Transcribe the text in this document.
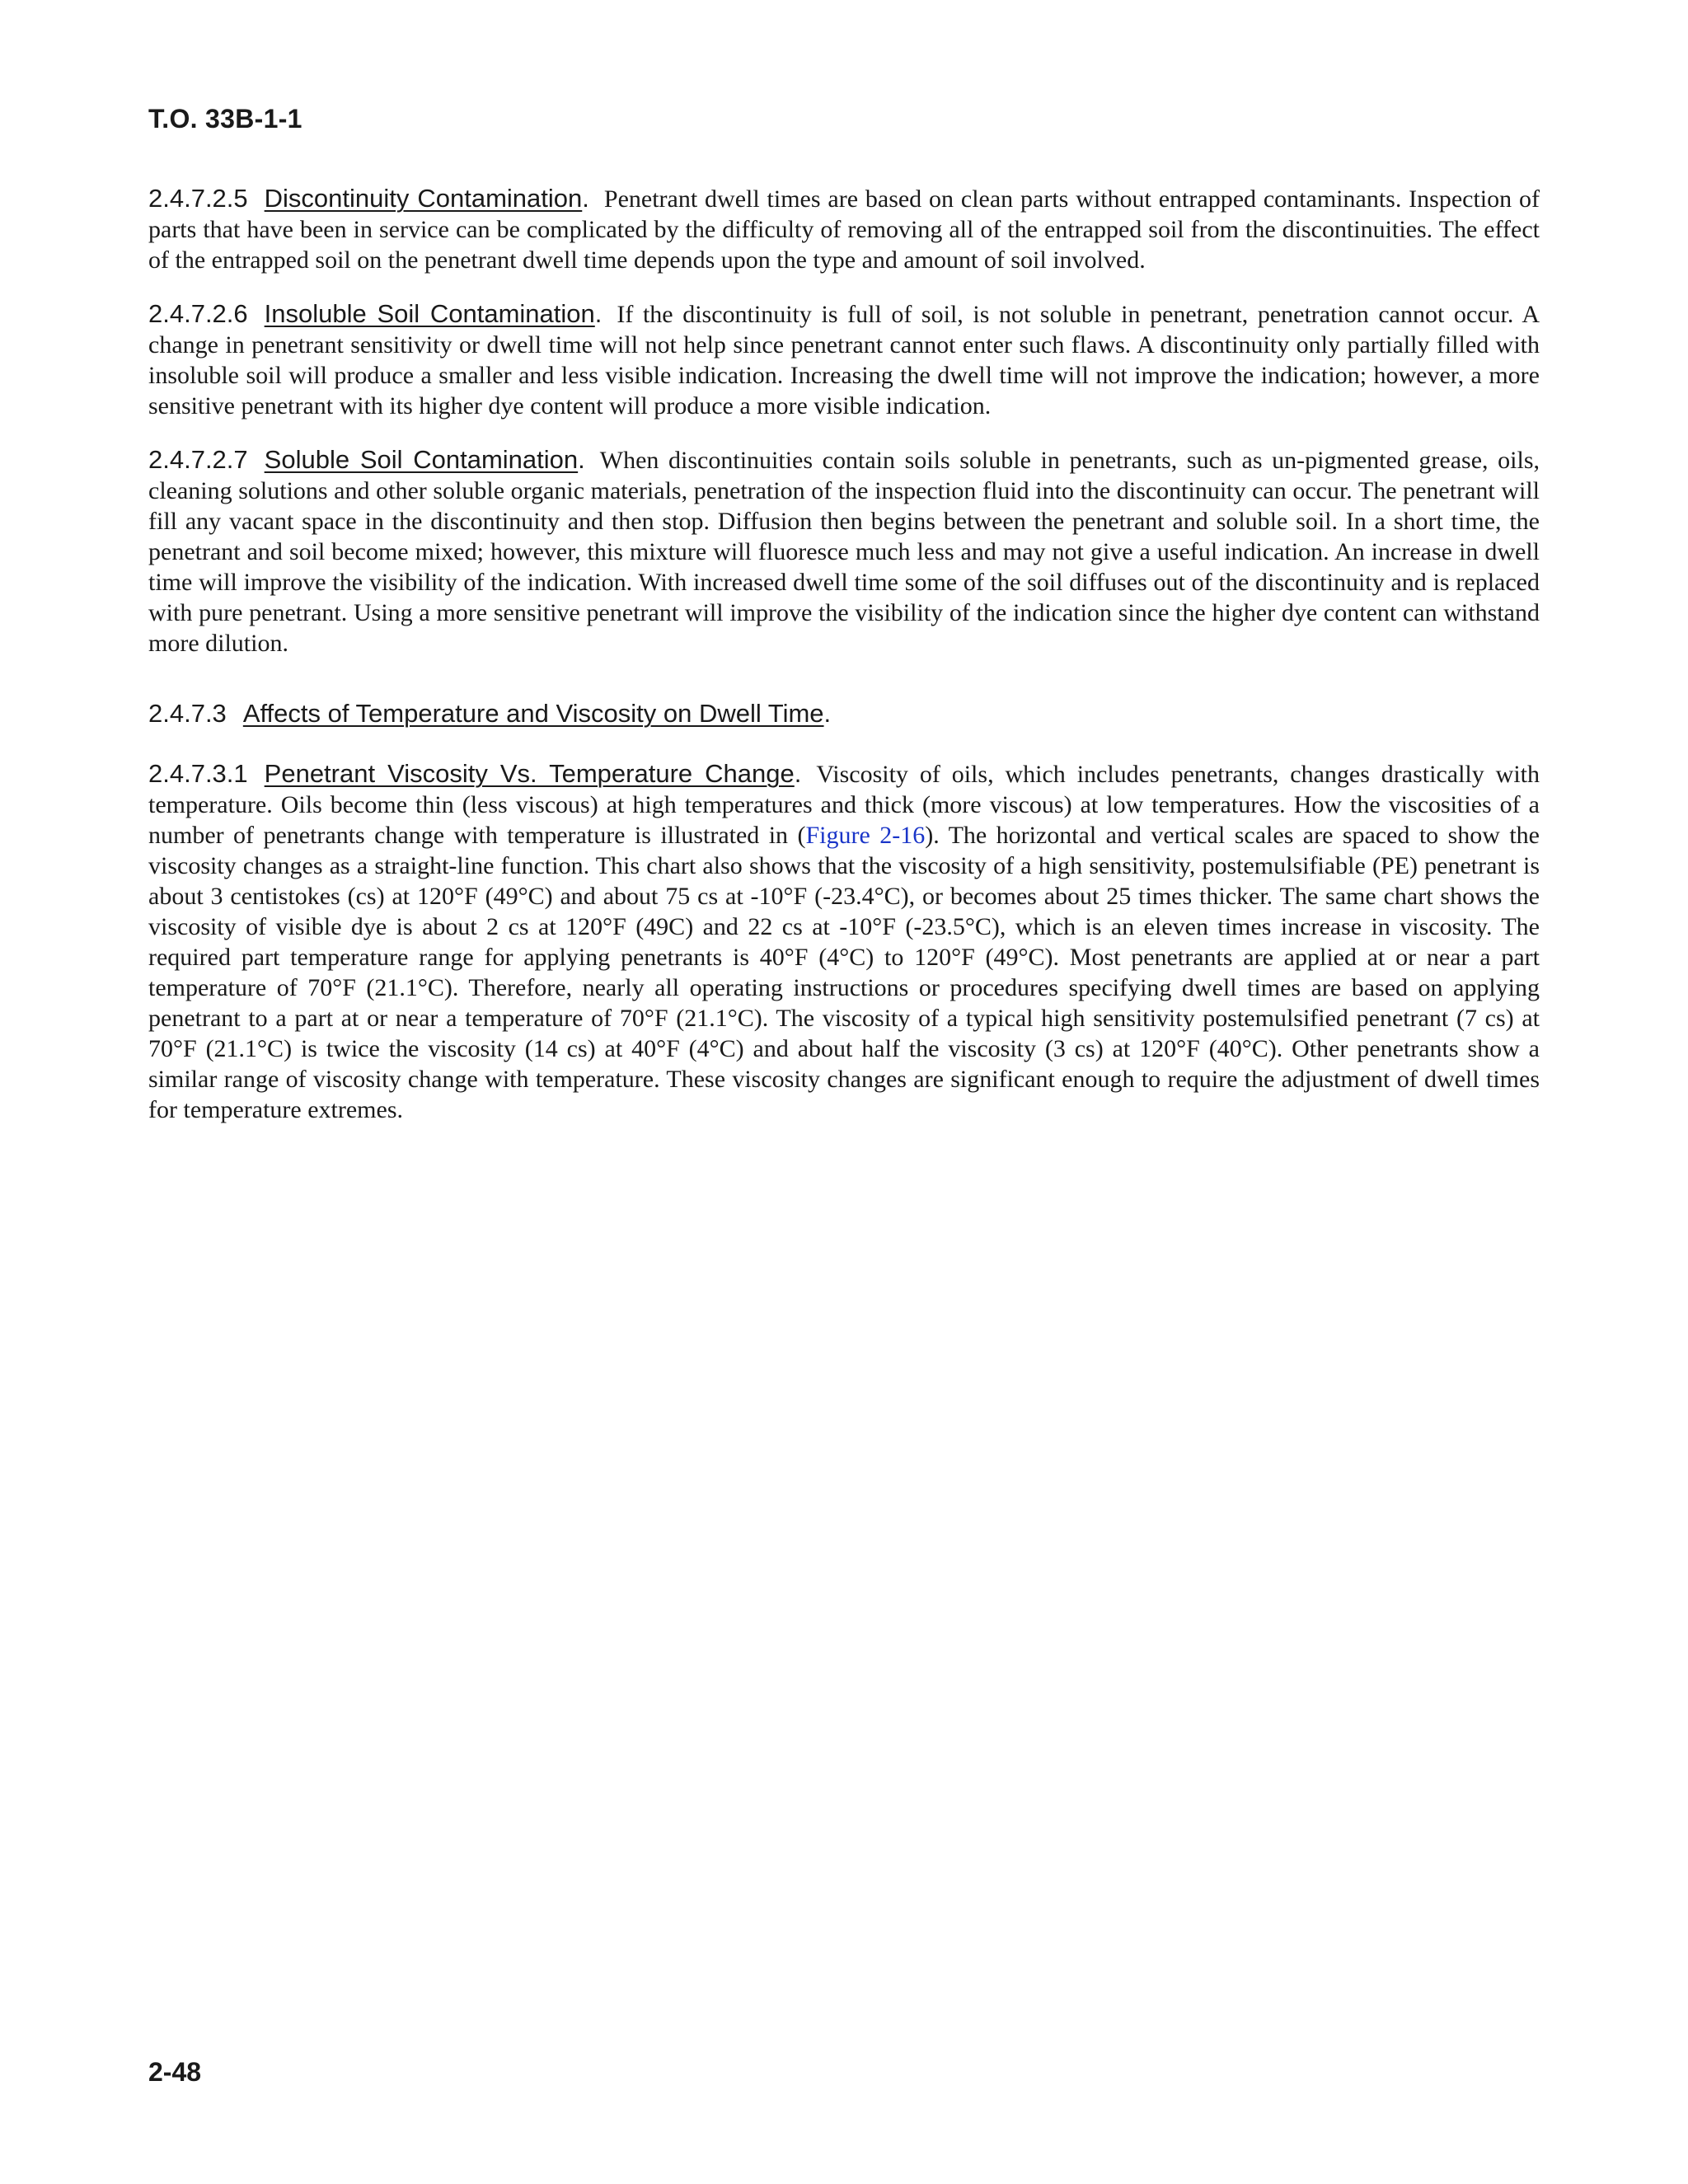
T.O. 33B-1-1

2.4.7.2.5 Discontinuity Contamination. Penetrant dwell times are based on clean parts without entrapped contaminants. Inspection of parts that have been in service can be complicated by the difficulty of removing all of the entrapped soil from the discontinuities. The effect of the entrapped soil on the penetrant dwell time depends upon the type and amount of soil involved.

2.4.7.2.6 Insoluble Soil Contamination. If the discontinuity is full of soil, is not soluble in penetrant, penetration cannot occur. A change in penetrant sensitivity or dwell time will not help since penetrant cannot enter such flaws. A discontinuity only partially filled with insoluble soil will produce a smaller and less visible indication. Increasing the dwell time will not improve the indication; however, a more sensitive penetrant with its higher dye content will produce a more visible indication.

2.4.7.2.7 Soluble Soil Contamination. When discontinuities contain soils soluble in penetrants, such as un-pigmented grease, oils, cleaning solutions and other soluble organic materials, penetration of the inspection fluid into the discontinuity can occur. The penetrant will fill any vacant space in the discontinuity and then stop. Diffusion then begins between the penetrant and soluble soil. In a short time, the penetrant and soil become mixed; however, this mixture will fluoresce much less and may not give a useful indication. An increase in dwell time will improve the visibility of the indication. With increased dwell time some of the soil diffuses out of the discontinuity and is replaced with pure penetrant. Using a more sensitive penetrant will improve the visibility of the indication since the higher dye content can withstand more dilution.

2.4.7.3 Affects of Temperature and Viscosity on Dwell Time.

2.4.7.3.1 Penetrant Viscosity Vs. Temperature Change. Viscosity of oils, which includes penetrants, changes drastically with temperature. Oils become thin (less viscous) at high temperatures and thick (more viscous) at low temperatures. How the viscosities of a number of penetrants change with temperature is illustrated in (Figure 2-16). The horizontal and vertical scales are spaced to show the viscosity changes as a straight-line function. This chart also shows that the viscosity of a high sensitivity, postemulsifiable (PE) penetrant is about 3 centistokes (cs) at 120°F (49°C) and about 75 cs at -10°F (-23.4°C), or becomes about 25 times thicker. The same chart shows the viscosity of visible dye is about 2 cs at 120°F (49C) and 22 cs at -10°F (-23.5°C), which is an eleven times increase in viscosity. The required part temperature range for applying penetrants is 40°F (4°C) to 120°F (49°C). Most penetrants are applied at or near a part temperature of 70°F (21.1°C). Therefore, nearly all operating instructions or procedures specifying dwell times are based on applying penetrant to a part at or near a temperature of 70°F (21.1°C). The viscosity of a typical high sensitivity postemulsified penetrant (7 cs) at 70°F (21.1°C) is twice the viscosity (14 cs) at 40°F (4°C) and about half the viscosity (3 cs) at 120°F (40°C). Other penetrants show a similar range of viscosity change with temperature. These viscosity changes are significant enough to require the adjustment of dwell times for temperature extremes.

2-48
